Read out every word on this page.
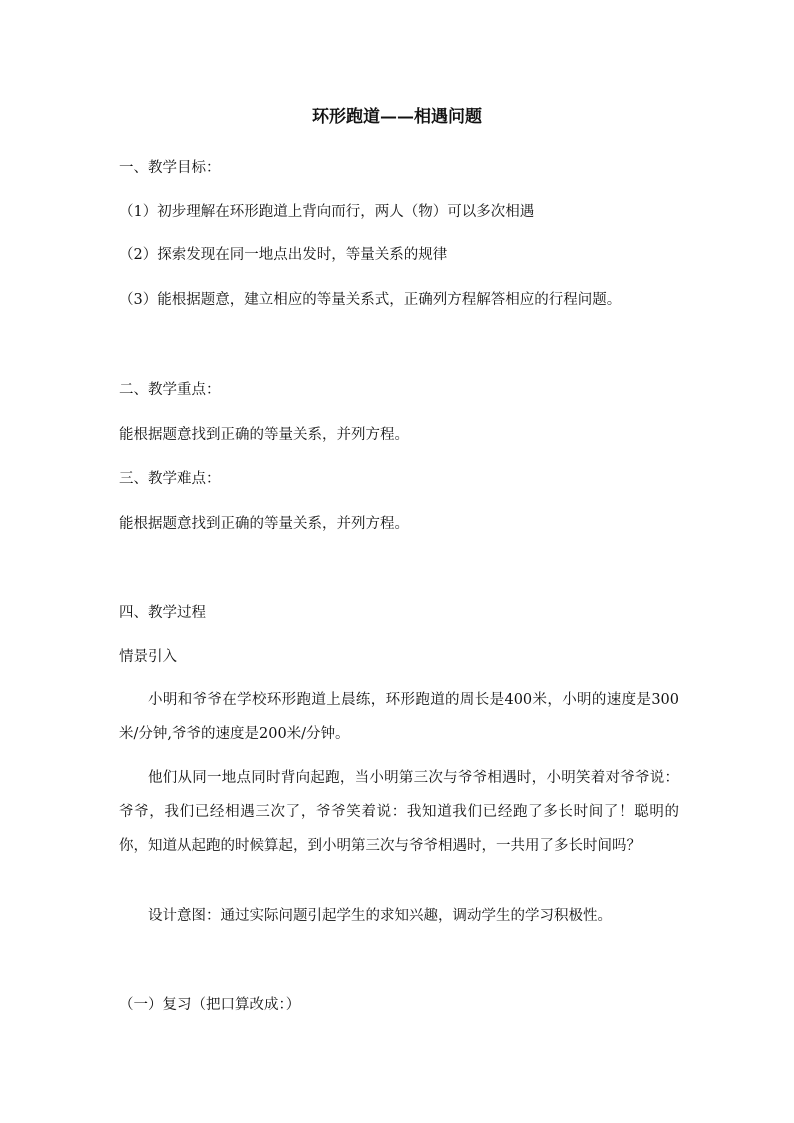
环形跑道——相遇问题
一、教学目标：
（1）初步理解在环形跑道上背向而行，两人（物）可以多次相遇
（2）探索发现在同一地点出发时，等量关系的规律
（3）能根据题意，建立相应的等量关系式，正确列方程解答相应的行程问题。
二、教学重点：
能根据题意找到正确的等量关系，并列方程。
三、教学难点：
能根据题意找到正确的等量关系，并列方程。
四、教学过程
情景引入
小明和爷爷在学校环形跑道上晨练，环形跑道的周长是400米，小明的速度是300米/分钟,爷爷的速度是200米/分钟。
他们从同一地点同时背向起跑，当小明第三次与爷爷相遇时，小明笑着对爷爷说：爷爷，我们已经相遇三次了，爷爷笑着说：我知道我们已经跑了多长时间了！聪明的你，知道从起跑的时候算起，到小明第三次与爷爷相遇时，一共用了多长时间吗？
设计意图：通过实际问题引起学生的求知兴趣，调动学生的学习积极性。
（一）复习（把口算改成：）
